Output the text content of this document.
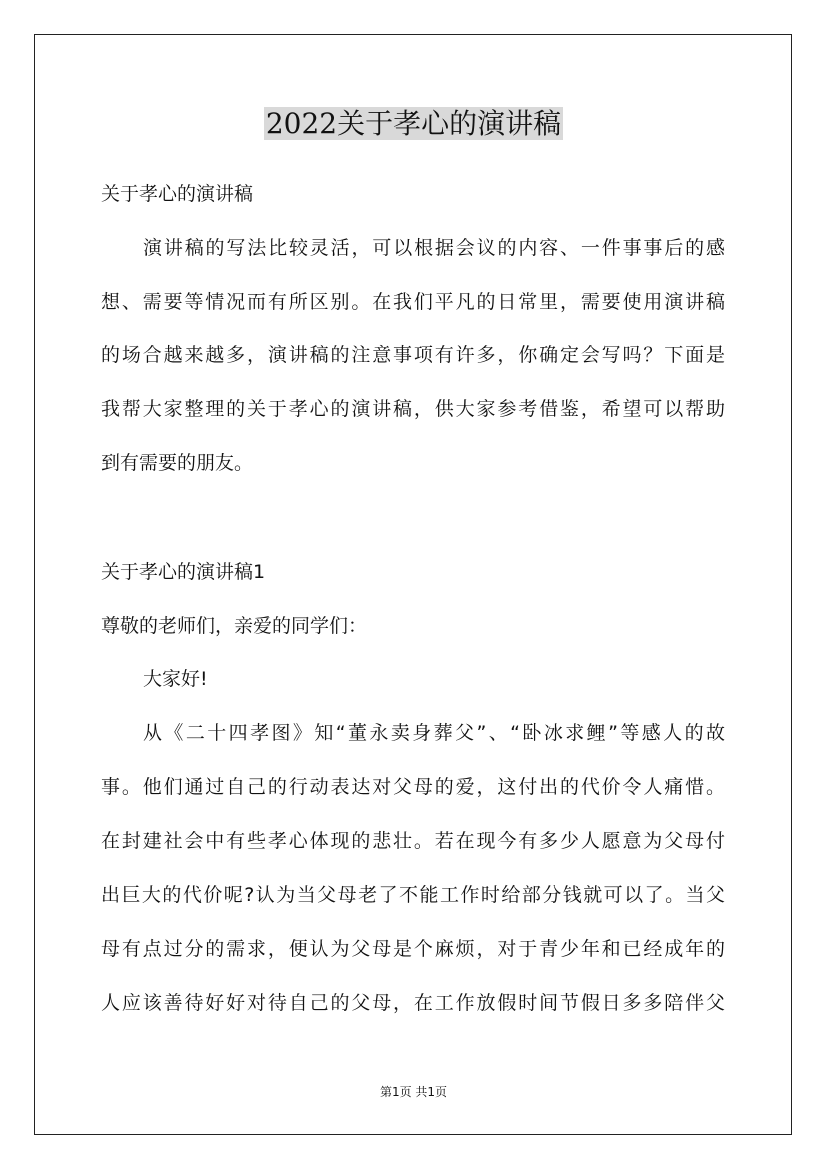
2022关于孝心的演讲稿
关于孝心的演讲稿
演讲稿的写法比较灵活，可以根据会议的内容、一件事事后的感
想、需要等情况而有所区别。在我们平凡的日常里，需要使用演讲稿
的场合越来越多，演讲稿的注意事项有许多，你确定会写吗？下面是
我帮大家整理的关于孝心的演讲稿，供大家参考借鉴，希望可以帮助
到有需要的朋友。
关于孝心的演讲稿1
尊敬的老师们，亲爱的同学们：
大家好!
从《二十四孝图》知“董永卖身葬父”、“卧冰求鲤”等感人的故
事。他们通过自己的行动表达对父母的爱，这付出的代价令人痛惜。
在封建社会中有些孝心体现的悲壮。若在现今有多少人愿意为父母付
出巨大的代价呢?认为当父母老了不能工作时给部分钱就可以了。当父
母有点过分的需求，便认为父母是个麻烦，对于青少年和已经成年的
人应该善待好好对待自己的父母，在工作放假时间节假日多多陪伴父
第1页 共1页
